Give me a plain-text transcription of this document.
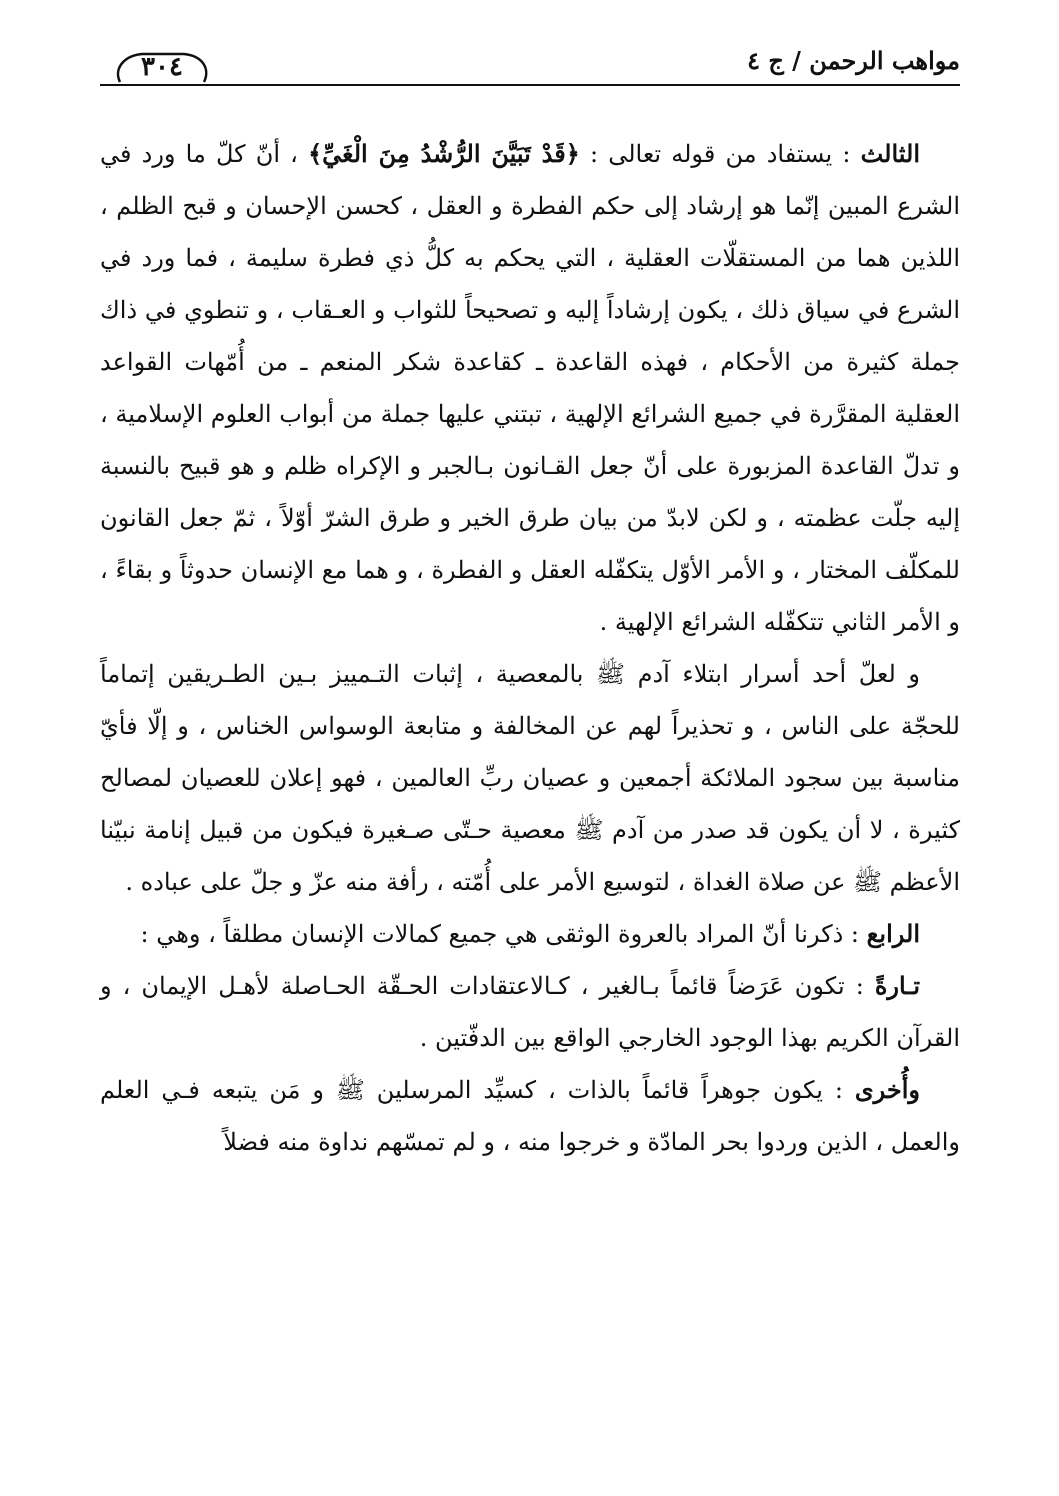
٣٠٤	مواهب الرحمن / ج ٤

الثالث : يستفاد من قوله تعالى : ﴿قَدْ تَبَيَّنَ الرُّشْدُ مِنَ الْغَيِّ﴾ ، أنّ كلّ ما ورد في الشرع المبين إنّما هو إرشاد إلى حكم الفطرة و العقل ، كحسن الإحسان و قبح الظلم ، اللذين هما من المستقلّات العقلية ، التي يحكم به كلُّ ذي فطرة سليمة ، فما ورد في الشرع في سياق ذلك ، يكون إرشاداً إليه و تصحيحاً للثواب و العـقاب ، و تنطوي في ذاك جملة كثيرة من الأحكام ، فهذه القاعدة ـ كقاعدة شكر المنعم ـ من أُمّهات القواعد العقلية المقرَّرة في جميع الشرائع الإلهية ، تبتني عليها جملة من أبواب العلوم الإسلامية ، و تدلّ القاعدة المزبورة على أنّ جعل القـانون بـالجبر و الإكراه ظلم و هو قبيح بالنسبة إليه جلّت عظمته ، و لكن لابدّ من بيان طرق الخير و طرق الشرّ أوّلاً ، ثمّ جعل القانون للمكلّف المختار ، و الأمر الأوّل يتكفّله العقل و الفطرة ، و هما مع الإنسان حدوثاً و بقاءً ، و الأمر الثاني تتكفّله الشرائع الإلهية .

و لعلّ أحد أسرار ابتلاء آدم ﷺ بالمعصية ، إثبات التـمييز بـين الطـريقين إتماماً للحجّة على الناس ، و تحذيراً لهم عن المخالفة و متابعة الوسواس الخناس ، و إلّا فأيّ مناسبة بين سجود الملائكة أجمعين و عصيان ربِّ العالمين ، فهو إعلان للعصيان لمصالح كثيرة ، لا أن يكون قد صدر من آدم ﷺ معصية حـتّى صـغيرة فيكون من قبيل إنامة نبيّنا الأعظم ﷺ عن صلاة الغداة ، لتوسيع الأمر على أُمّته ، رأفة منه عزّ و جلّ على عباده .

الرابع : ذكرنا أنّ المراد بالعروة الوثقى هي جميع كمالات الإنسان مطلقاً ، وهي :

تـارةً : تكون عَرَضاً قائماً بـالغير ، كـالاعتقادات الحـقّة الحـاصلة لأهـل الإيمان ، و القرآن الكريم بهذا الوجود الخارجي الواقع بين الدفّتين .

وأُخرى : يكون جوهراً قائماً بالذات ، كسيِّد المرسلين ﷺ و مَن يتبعه فـي العلم والعمل ، الذين وردوا بحر المادّة و خرجوا منه ، و لم تمسّهم نداوة منه فضلاً
